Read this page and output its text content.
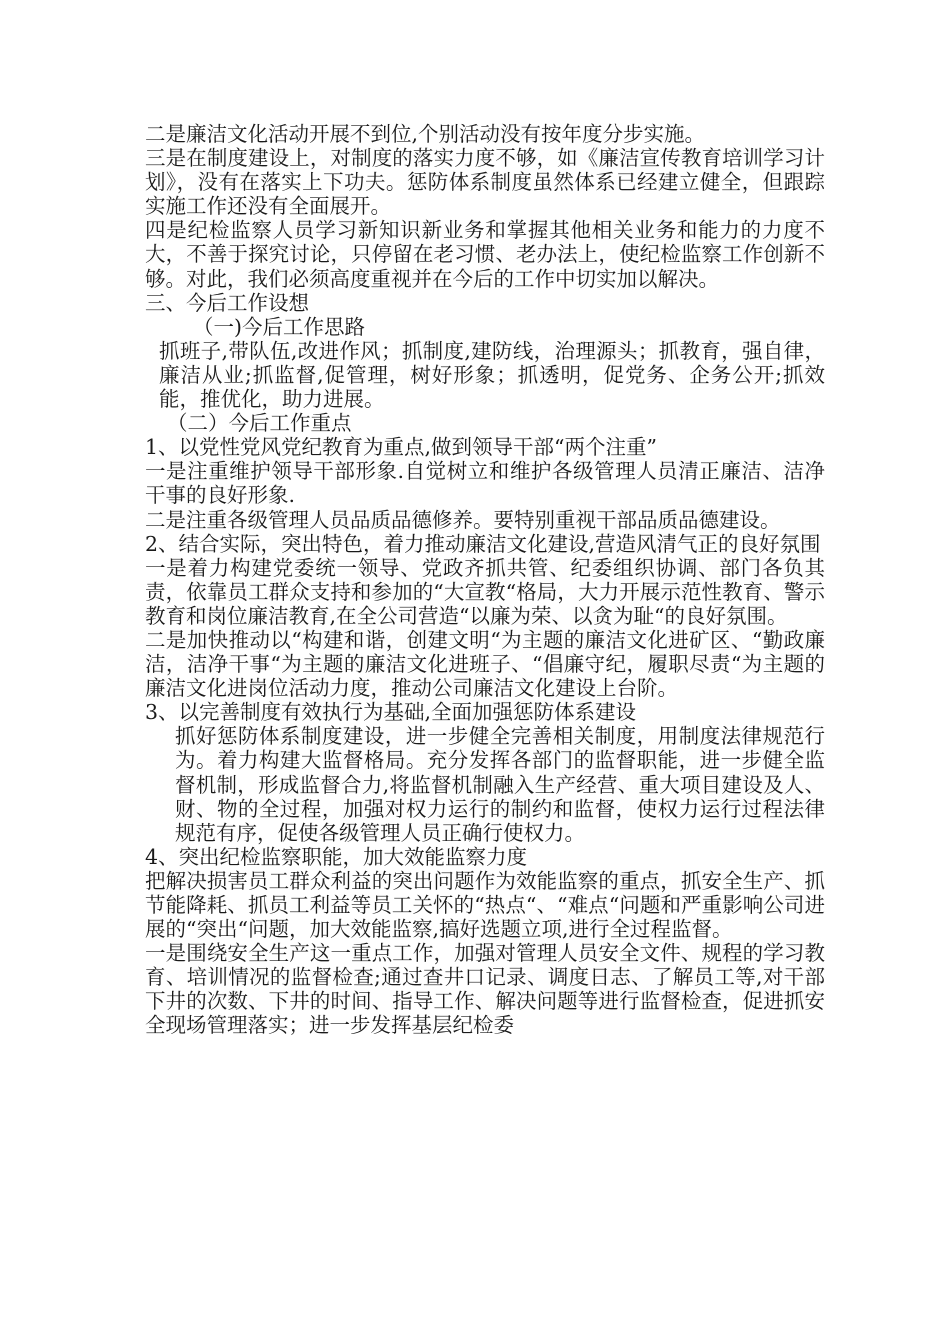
二是廉洁文化活动开展不到位,个别活动没有按年度分步实施。

三是在制度建设上，对制度的落实力度不够，如《廉洁宣传教育培训学习计划》，没有在落实上下功夫。惩防体系制度虽然体系已经建立健全，但跟踪实施工作还没有全面展开。

四是纪检监察人员学习新知识新业务和掌握其他相关业务和能力的力度不大，不善于探究讨论，只停留在老习惯、老办法上，使纪检监察工作创新不够。对此，我们必须高度重视并在今后的工作中切实加以解决。

三、今后工作设想

（一)今后工作思路

抓班子,带队伍,改进作风；抓制度,建防线，治理源头；抓教育，强自律，廉洁从业;抓监督,促管理，树好形象；抓透明，促党务、企务公开;抓效能，推优化，助力进展。

（二）今后工作重点

1、以党性党风党纪教育为重点,做到领导干部“两个注重”

一是注重维护领导干部形象.自觉树立和维护各级管理人员清正廉洁、洁净干事的良好形象.

二是注重各级管理人员品质品德修养。要特别重视干部品质品德建设。

2、结合实际，突出特色，着力推动廉洁文化建设,营造风清气正的良好氛围

一是着力构建党委统一领导、党政齐抓共管、纪委组织协调、部门各负其责，依靠员工群众支持和参加的“大宣教“格局，大力开展示范性教育、警示教育和岗位廉洁教育,在全公司营造“以廉为荣、以贪为耻“的良好氛围。

二是加快推动以“构建和谐，创建文明“为主题的廉洁文化进矿区、“勤政廉洁，洁净干事“为主题的廉洁文化进班子、“倡廉守纪，履职尽责“为主题的廉洁文化进岗位活动力度，推动公司廉洁文化建设上台阶。

3、以完善制度有效执行为基础,全面加强惩防体系建设

抓好惩防体系制度建设，进一步健全完善相关制度，用制度法律规范行为。着力构建大监督格局。充分发挥各部门的监督职能，进一步健全监督机制，形成监督合力,将监督机制融入生产经营、重大项目建设及人、财、物的全过程，加强对权力运行的制约和监督，使权力运行过程法律规范有序，促使各级管理人员正确行使权力。

4、突出纪检监察职能，加大效能监察力度

把解决损害员工群众利益的突出问题作为效能监察的重点，抓安全生产、抓节能降耗、抓员工利益等员工关怀的“热点“、“难点“问题和严重影响公司进展的“突出“问题，加大效能监察,搞好选题立项,进行全过程监督。

一是围绕安全生产这一重点工作，加强对管理人员安全文件、规程的学习教育、培训情况的监督检查;通过查井口记录、调度日志、了解员工等,对干部下井的次数、下井的时间、指导工作、解决问题等进行监督检查，促进抓安全现场管理落实；进一步发挥基层纪检委
